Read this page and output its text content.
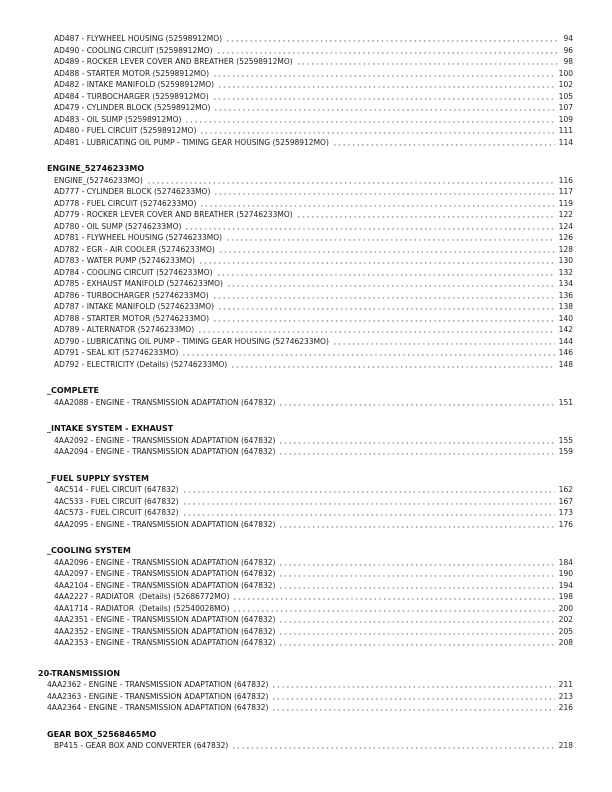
AD487 - FLYWHEEL HOUSING (52598912MO)	94
AD490 - COOLING CIRCUIT (52598912MO)	96
AD489 - ROCKER LEVER COVER AND BREATHER (52598912MO)	98
AD488 - STARTER MOTOR (52598912MO)	100
AD482 - INTAKE MANIFOLD (52598912MO)	102
AD484 - TURBOCHARGER (52598912MO)	105
AD479 - CYLINDER BLOCK (52598912MO)	107
AD483 - OIL SUMP (52598912MO)	109
AD480 - FUEL CIRCUIT (52598912MO)	111
AD481 - LUBRICATING OIL PUMP - TIMING GEAR HOUSING (52598912MO)	114
ENGINE_52746233MO
ENGINE_(52746233MO)	116
AD777 - CYLINDER BLOCK (52746233MO)	117
AD778 - FUEL CIRCUIT (52746233MO)	119
AD779 - ROCKER LEVER COVER AND BREATHER (52746233MO)	122
AD780 - OIL SUMP (52746233MO)	124
AD781 - FLYWHEEL HOUSING (52746233MO)	126
AD782 - EGR - AIR COOLER (52746233MO)	128
AD783 - WATER PUMP (52746233MO)	130
AD784 - COOLING CIRCUIT (52746233MO)	132
AD785 - EXHAUST MANIFOLD (52746233MO)	134
AD786 - TURBOCHARGER (52746233MO)	136
AD787 - INTAKE MANIFOLD (52746233MO)	138
AD788 - STARTER MOTOR (52746233MO)	140
AD789 - ALTERNATOR (52746233MO)	142
AD790 - LUBRICATING OIL PUMP - TIMING GEAR HOUSING (52746233MO)	144
AD791 - SEAL KIT (52746233MO)	146
AD792 - ELECTRICITY (Details) (52746233MO)	148
_COMPLETE
4AA2088 - ENGINE - TRANSMISSION ADAPTATION (647832)	151
_INTAKE SYSTEM - EXHAUST
4AA2092 - ENGINE - TRANSMISSION ADAPTATION (647832)	155
4AA2094 - ENGINE - TRANSMISSION ADAPTATION (647832)	159
_FUEL SUPPLY SYSTEM
4AC514 - FUEL CIRCUIT (647832)	162
4AC533 - FUEL CIRCUIT (647832)	167
4AC573 - FUEL CIRCUIT (647832)	173
4AA2095 - ENGINE - TRANSMISSION ADAPTATION (647832)	176
_COOLING SYSTEM
4AA2096 - ENGINE - TRANSMISSION ADAPTATION (647832)	184
4AA2097 - ENGINE - TRANSMISSION ADAPTATION (647832)	190
4AA2104 - ENGINE - TRANSMISSION ADAPTATION (647832)	194
4AA2227 - RADIATOR  (Details) (52686772MO)	198
4AA1714 - RADIATOR  (Details) (52540028MO)	200
4AA2351 - ENGINE - TRANSMISSION ADAPTATION (647832)	202
4AA2352 - ENGINE - TRANSMISSION ADAPTATION (647832)	205
4AA2353 - ENGINE - TRANSMISSION ADAPTATION (647832)	208
20-TRANSMISSION
4AA2362 - ENGINE - TRANSMISSION ADAPTATION (647832)	211
4AA2363 - ENGINE - TRANSMISSION ADAPTATION (647832)	213
4AA2364 - ENGINE - TRANSMISSION ADAPTATION (647832)	216
GEAR BOX_52568465MO
BP415 - GEAR BOX AND CONVERTER (647832)	218
